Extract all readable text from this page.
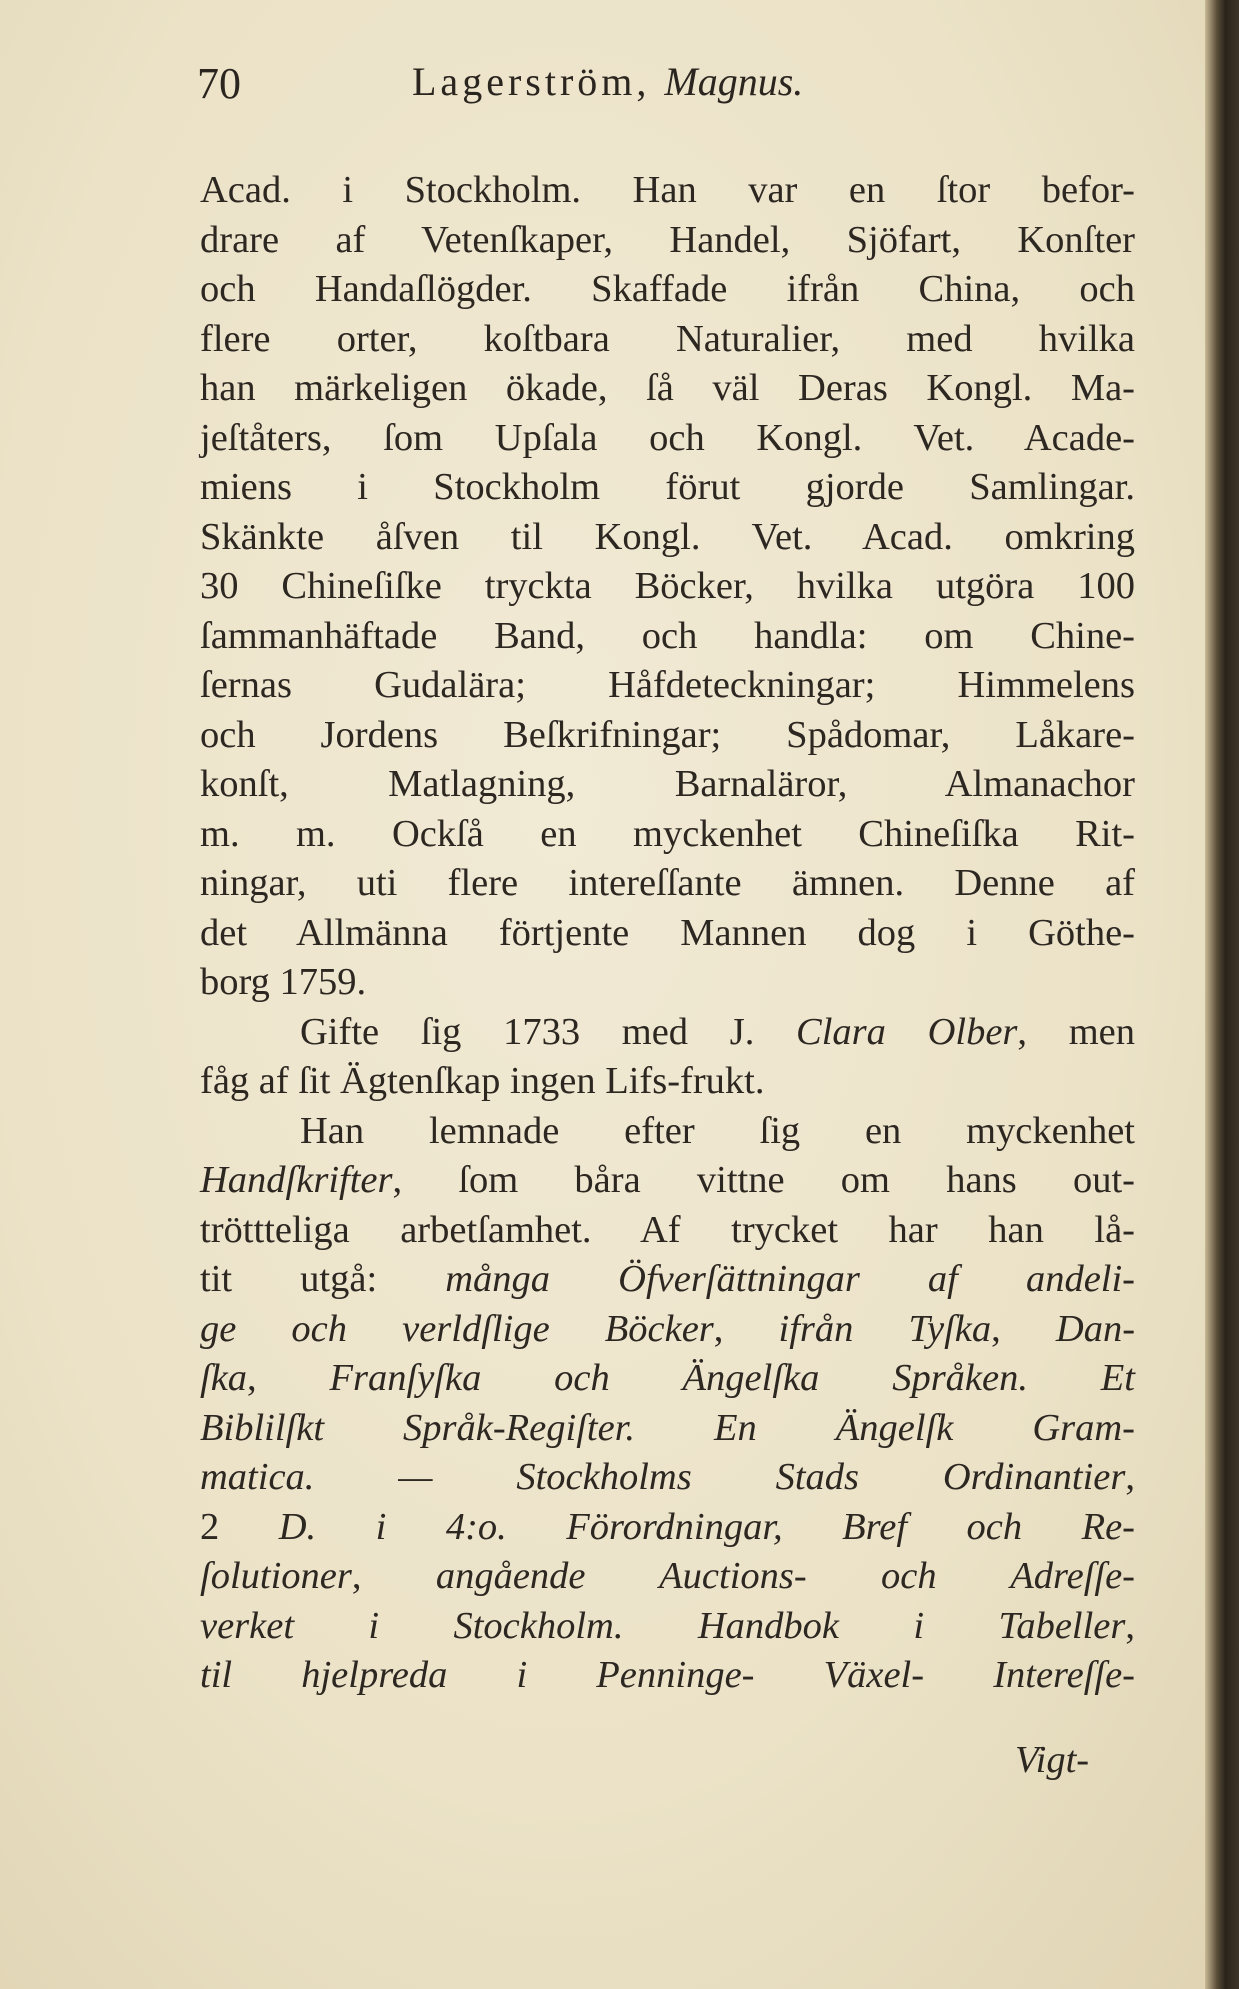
70	Lagerström, Magnus.
Acad. i Stockholm. Han var en ſtor befor-
drare af Vetenſkaper, Handel, Sjöfart, Konſter
och Handaſlögder. Skaffade ifrån China, och
flere orter, koſtbara Naturalier, med hvilka
han märkeligen ökade, ſå väl Deras Kongl. Ma-
jeſtåters, ſom Upſala och Kongl. Vet. Acade-
miens i Stockholm förut gjorde Samlingar.
Skänkte åſven til Kongl. Vet. Acad. omkring
30 Chineſiſke tryckta Böcker, hvilka utgöra 100
ſammanhäftade Band, och handla: om Chine-
ſernas Gudalära; Håfdeteckningar; Himmelens
och Jordens Beſkrifningar; Spådomar, Låkare-
konſt, Matlagning, Barnaläror, Almanachor
m. m. Ockſå en myckenhet Chineſiſka Rit-
ningar, uti flere intereſſante ämnen. Denne af
det Allmänna förtjente Mannen dog i Göthe-
borg 1759.
Gifte ſig 1733 med J. Clara Olber, men
fåg af ſit Ägtenſkap ingen Lifs-frukt.
Han lemnade efter ſig en myckenhet
Handſkrifter, ſom båra vittne om hans out-
tröttteliga arbetſamhet. Af trycket har han lå-
tit utgå: många Öfverſättningar af andeli-
ge och verldſlige Böcker, ifrån Tyſka, Dan-
ſka, Franſyſka och Ängelſka Språken. Et
Biblilſkt Språk-Regiſter. En Ängelſk Gram-
matica. — Stockholms Stads Ordinantier,
2 D. i 4:o. Förordningar, Bref och Re-
ſolutioner, angående Auctions- och Adreſſe-
verket i Stockholm. Handbok i Tabeller,
til hjelpreda i Penninge- Växel- Intereſſe-
Vigt-
